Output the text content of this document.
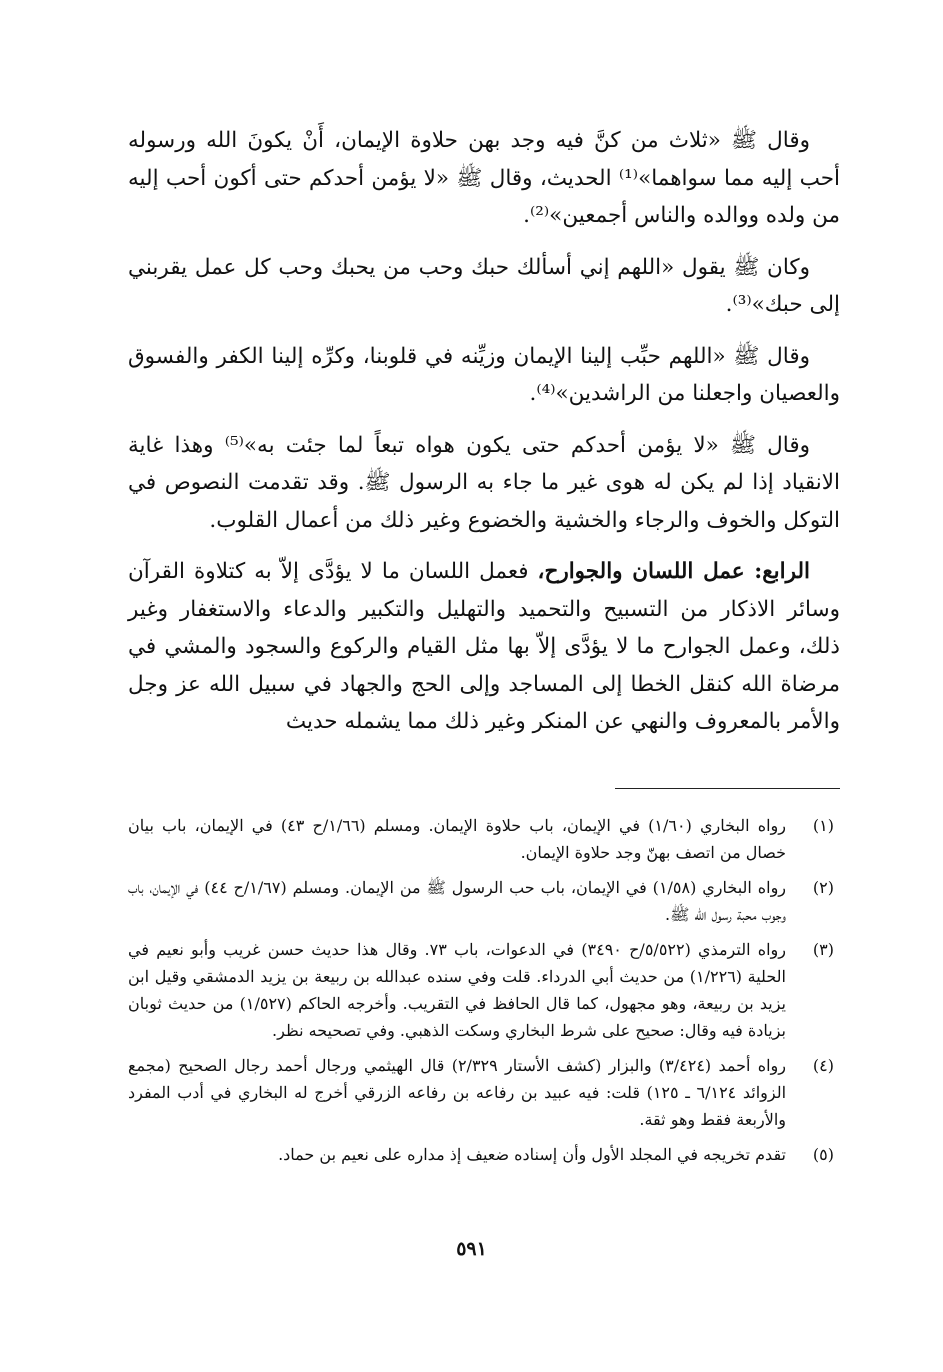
وقال ﷺ «ثلاث من كنَّ فيه وجد بهن حلاوة الإيمان، أَنْ يكونَ الله ورسوله أحب إليه مما سواهما»⁽¹⁾ الحديث، وقال ﷺ «لا يؤمن أحدكم حتى أكون أحب إليه من ولده ووالده والناس أجمعين»⁽²⁾.

وكان ﷺ يقول «اللهم إني أسألك حبك وحب من يحبك وحب كل عمل يقربني إلى حبك»⁽³⁾.

وقال ﷺ «اللهم حبِّب إلينا الإيمان وزيِّنه في قلوبنا، وكرِّه إلينا الكفر والفسوق والعصيان واجعلنا من الراشدين»⁽⁴⁾.

وقال ﷺ «لا يؤمن أحدكم حتى يكون هواه تبعاً لما جئت به»⁽⁵⁾ وهذا غاية الانقياد إذا لم يكن له هوى غير ما جاء به الرسول ﷺ. وقد تقدمت النصوص في التوكل والخوف والرجاء والخشية والخضوع وغير ذلك من أعمال القلوب.

الرابع: عمل اللسان والجوارح، فعمل اللسان ما لا يؤدَّى إلاّ به كتلاوة القرآن وسائر الاذكار من التسبيح والتحميد والتهليل والتكبير والدعاء والاستغفار وغير ذلك، وعمل الجوارح ما لا يؤدَّى إلاّ بها مثل القيام والركوع والسجود والمشي في مرضاة الله كنقل الخطا إلى المساجد وإلى الحج والجهاد في سبيل الله عز وجل والأمر بالمعروف والنهي عن المنكر وغير ذلك مما يشمله حديث

(١)
رواه البخاري (١/٦٠) في الإيمان، باب حلاوة الإيمان. ومسلم (١/٦٦/ح ٤٣) في الإيمان، باب بيان خصال من اتصف بهنّ وجد حلاوة الإيمان.
(٢)
رواه البخاري (١/٥٨) في الإيمان، باب حب الرسول ﷺ من الإيمان. ومسلم (١/٦٧/ح ٤٤) في الإيمان، باب وجوب محبة رسول الله ﷺ.
(٣)
رواه الترمذي (٥/٥٢٢/ح ٣٤٩٠) في الدعوات، باب ٧٣. وقال هذا حديث حسن غريب وأبو نعيم في الحلية (١/٢٢٦) من حديث أبي الدرداء. قلت وفي سنده عبدالله بن ربيعة بن يزيد الدمشقي وقيل ابن يزيد بن ربيعة، وهو مجهول، كما قال الحافظ في التقريب. وأخرجه الحاكم (١/٥٢٧) من حديث ثوبان بزيادة فيه وقال: صحيح على شرط البخاري وسكت الذهبي. وفي تصحيحه نظر.
(٤)
رواه أحمد (٣/٤٢٤) والبزار (كشف الأستار ٢/٣٢٩) قال الهيثمي ورجال أحمد رجال الصحيح (مجمع الزوائد ٦/١٢٤ ـ ١٢٥) قلت: فيه عبيد بن رفاعه بن رفاعه الزرقي أخرج له البخاري في أدب المفرد والأربعة فقط وهو ثقة.
(٥)
تقدم تخريجه في المجلد الأول وأن إسناده ضعيف إذ مداره على نعيم بن حماد.
٥٩١
